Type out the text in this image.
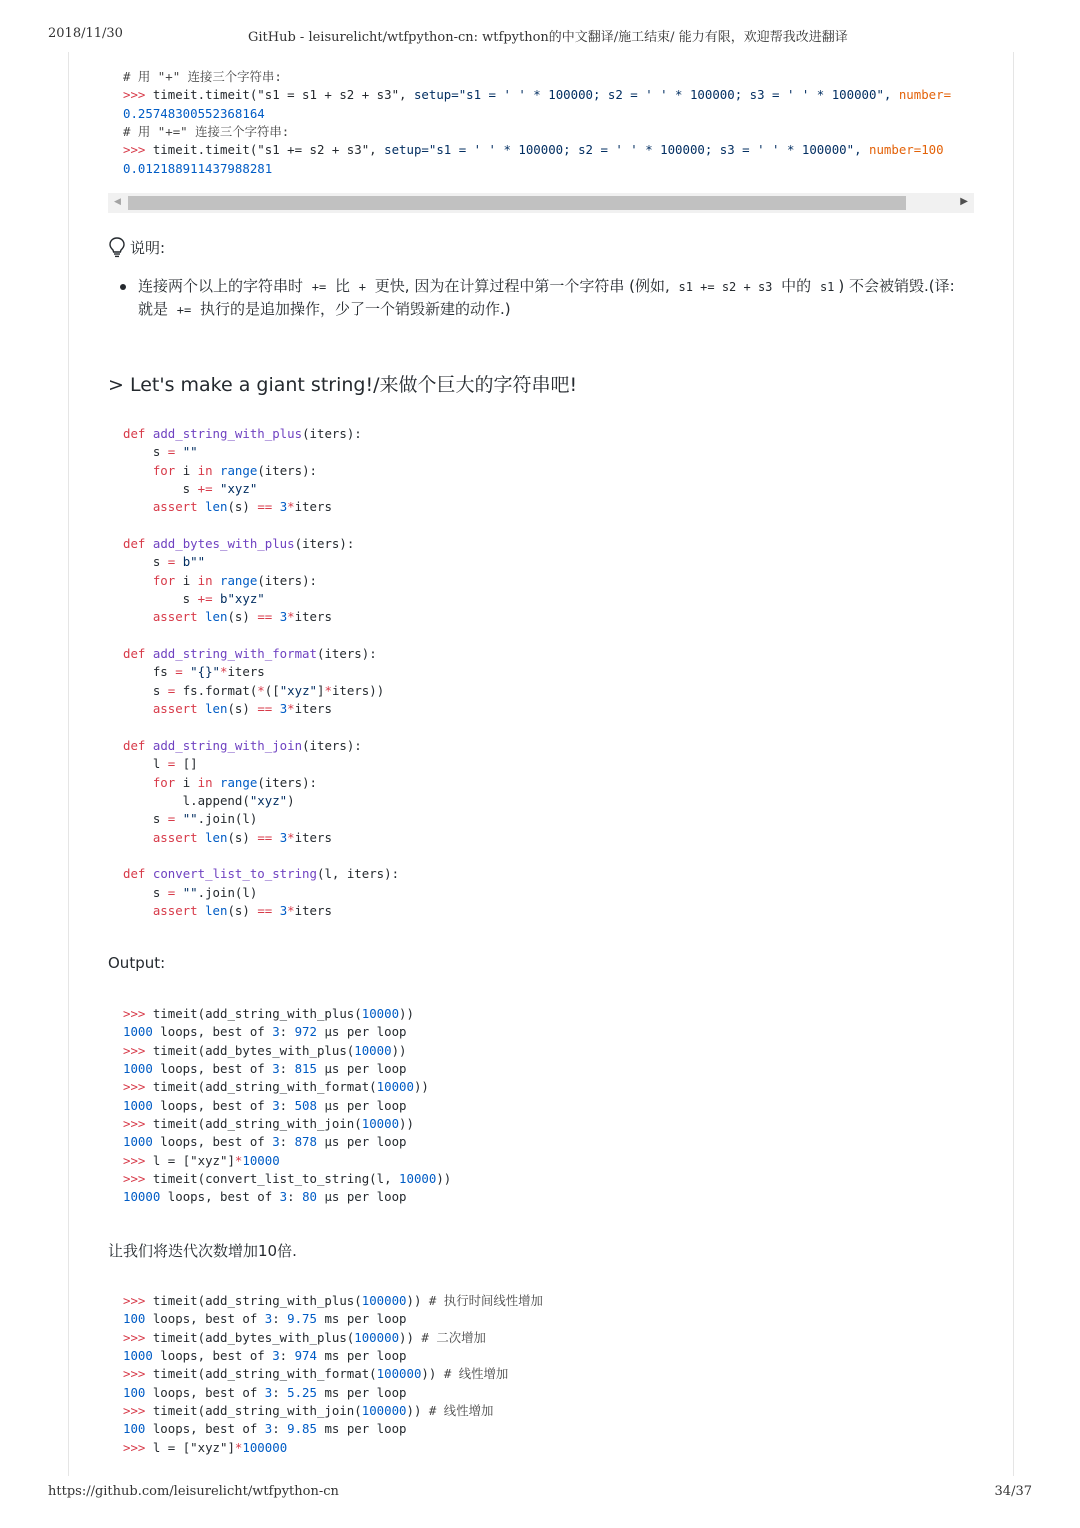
2018/11/30	GitHub - leisurelicht/wtfpython-cn: wtfpython的中文翻译/施工结束/ 能力有限，欢迎帮我改进翻译
# 用 "+" 连接三个字符串:
>>> timeit.timeit("s1 = s1 + s2 + s3", setup="s1 = ' ' * 100000; s2 = ' ' * 100000; s3 = ' ' * 100000", number=
0.25748300552368164
# 用 "+=" 连接三个字符串:
>>> timeit.timeit("s1 += s2 + s3", setup="s1 = ' ' * 100000; s2 = ' ' * 100000; s3 = ' ' * 100000", number=100
0.012188911437988281
◀	▶
说明:
连接两个以上的字符串时 += 比 + 更快, 因为在计算过程中第一个字符串 (例如, s1 += s2 + s3 中的 s1 ) 不会被销毁.(译:
就是 += 执行的是追加操作，少了一个销毁新建的动作.)
> Let's make a giant string!/来做个巨大的字符串吧!
def add_string_with_plus(iters):
s = ""
for i in range(iters):
s += "xyz"
assert len(s) == 3*iters

def add_bytes_with_plus(iters):
s = b""
for i in range(iters):
s += b"xyz"
assert len(s) == 3*iters

def add_string_with_format(iters):
fs = "{}"*iters
s = fs.format(*(["xyz"]*iters))
assert len(s) == 3*iters

def add_string_with_join(iters):
l = []
for i in range(iters):
l.append("xyz")
s = "".join(l)
assert len(s) == 3*iters

def convert_list_to_string(l, iters):
s = "".join(l)
assert len(s) == 3*iters
Output:
>>> timeit(add_string_with_plus(10000))
1000 loops, best of 3: 972 µs per loop
>>> timeit(add_bytes_with_plus(10000))
1000 loops, best of 3: 815 µs per loop
>>> timeit(add_string_with_format(10000))
1000 loops, best of 3: 508 µs per loop
>>> timeit(add_string_with_join(10000))
1000 loops, best of 3: 878 µs per loop
>>> l = ["xyz"]*10000
>>> timeit(convert_list_to_string(l, 10000))
10000 loops, best of 3: 80 µs per loop
让我们将迭代次数增加10倍.
>>> timeit(add_string_with_plus(100000)) # 执行时间线性增加
100 loops, best of 3: 9.75 ms per loop
>>> timeit(add_bytes_with_plus(100000)) # 二次增加
1000 loops, best of 3: 974 ms per loop
>>> timeit(add_string_with_format(100000)) # 线性增加
100 loops, best of 3: 5.25 ms per loop
>>> timeit(add_string_with_join(100000)) # 线性增加
100 loops, best of 3: 9.85 ms per loop
>>> l = ["xyz"]*100000
https://github.com/leisurelicht/wtfpython-cn	34/37
